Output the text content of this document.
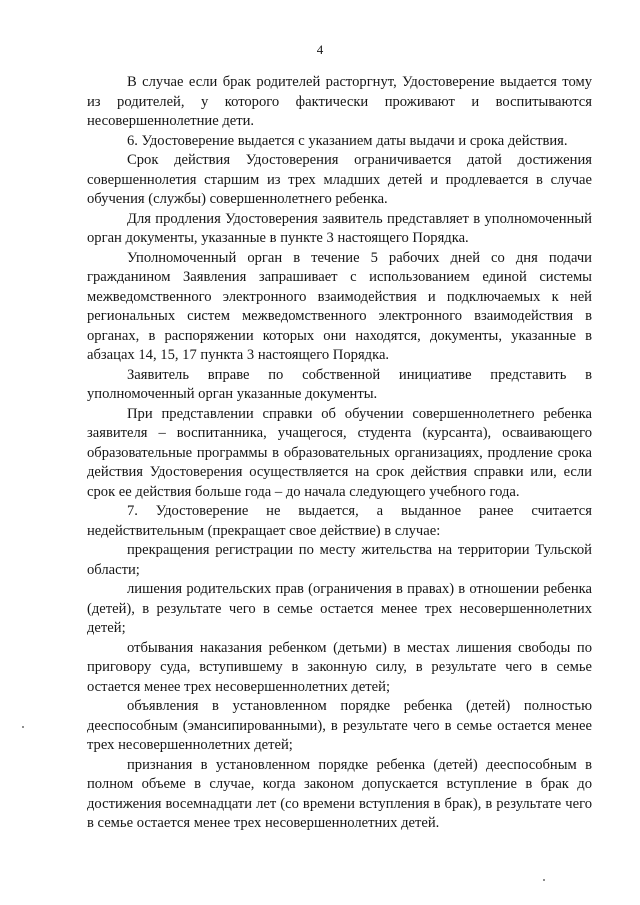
4

В случае если брак родителей расторгнут, Удостоверение выдается тому из родителей, у которого фактически проживают и воспитываются несовершеннолетние дети.

6. Удостоверение выдается с указанием даты выдачи и срока действия.

Срок действия Удостоверения ограничивается датой достижения совершеннолетия старшим из трех младших детей и продлевается в случае обучения (службы) совершеннолетнего ребенка.

Для продления Удостоверения заявитель представляет в уполномоченный орган документы, указанные в пункте 3 настоящего Порядка.

Уполномоченный орган в течение 5 рабочих дней со дня подачи гражданином Заявления запрашивает с использованием единой системы межведомственного электронного взаимодействия и подключаемых к ней региональных систем межведомственного электронного взаимодействия в органах, в распоряжении которых они находятся, документы, указанные в абзацах 14, 15, 17 пункта 3 настоящего Порядка.

Заявитель вправе по собственной инициативе представить в уполномоченный орган указанные документы.

При представлении справки об обучении совершеннолетнего ребенка заявителя – воспитанника, учащегося, студента (курсанта), осваивающего образовательные программы в образовательных организациях, продление срока действия Удостоверения осуществляется на срок действия справки или, если срок ее действия больше года – до начала следующего учебного года.

7. Удостоверение не выдается, а выданное ранее считается недействительным (прекращает свое действие) в случае:

прекращения регистрации по месту жительства на территории Тульской области;

лишения родительских прав (ограничения в правах) в отношении ребенка (детей), в результате чего в семье остается менее трех несовершеннолетних детей;

отбывания наказания ребенком (детьми) в местах лишения свободы по приговору суда, вступившему в законную силу, в результате чего в семье остается менее трех несовершеннолетних детей;

объявления в установленном порядке ребенка (детей) полностью дееспособным (эмансипированными), в результате чего в семье остается менее трех несовершеннолетних детей;

признания в установленном порядке ребенка (детей) дееспособным в полном объеме в случае, когда законом допускается вступление в брак до достижения восемнадцати лет (со времени вступления в брак), в результате чего в семье остается менее трех несовершеннолетних детей.
